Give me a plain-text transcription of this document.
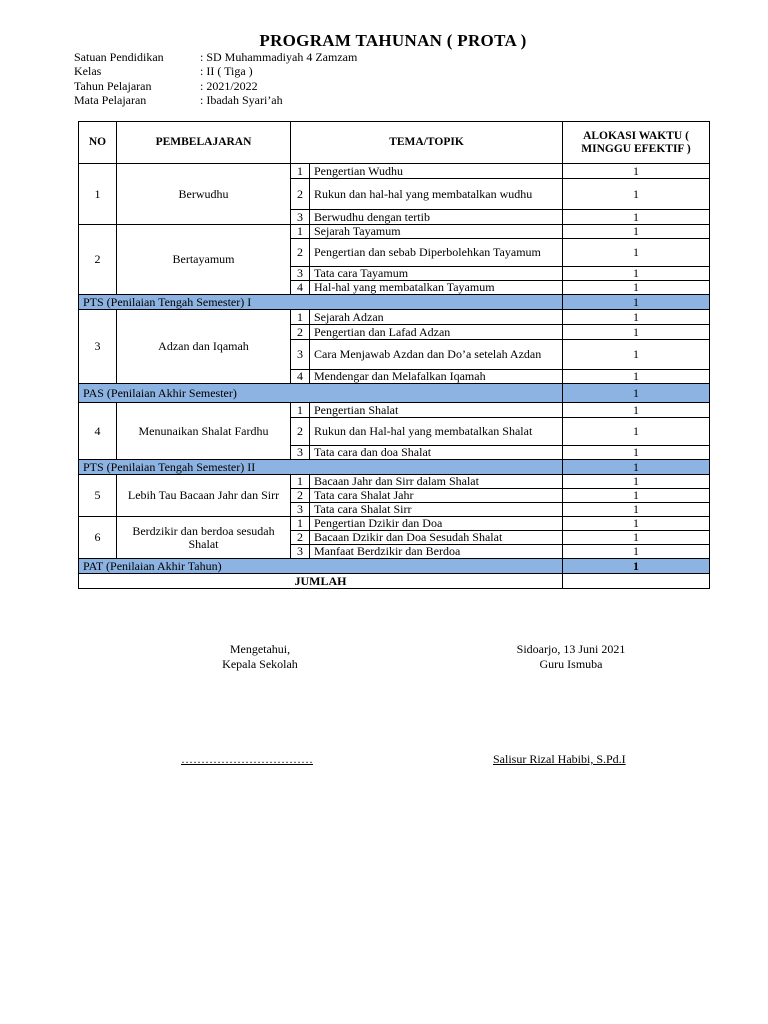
PROGRAM TAHUNAN ( PROTA )
Satuan Pendidikan	: SD Muhammadiyah 4 Zamzam
Kelas	: II ( Tiga )
Tahun Pelajaran	: 2021/2022
Mata Pelajaran	: Ibadah Syari’ah
NO	PEMBELAJARAN	TEMA/TOPIK		ALOKASI WAKTU ( MINGGU EFEKTIF )
1	Berwudhu	1	Pengertian Wudhu	1
		2	Rukun dan hal-hal yang membatalkan wudhu	1
		3	Berwudhu dengan tertib	1
2	Bertayamum	1	Sejarah Tayamum	1
		2	Pengertian dan sebab Diperbolehkan Tayamum	1
		3	Tata cara Tayamum	1
		4	Hal-hal yang membatalkan Tayamum	1
PTS (Penilaian Tengah Semester) I				1
3	Adzan dan Iqamah	1	Sejarah Adzan	1
		2	Pengertian dan Lafad Adzan	1
		3	Cara Menjawab Azdan dan Do’a setelah Azdan	1
		4	Mendengar dan Melafalkan Iqamah	1
PAS (Penilaian Akhir Semester)				1
4	Menunaikan Shalat Fardhu	1	Pengertian Shalat	1
		2	Rukun dan Hal-hal yang membatalkan Shalat	1
		3	Tata cara dan doa Shalat	1
PTS (Penilaian Tengah Semester) II				1
5	Lebih Tau Bacaan Jahr dan Sirr	1	Bacaan Jahr dan Sirr dalam Shalat	1
		2	Tata cara Shalat Jahr	1
		3	Tata cara Shalat Sirr	1
6	Berdzikir dan berdoa sesudah Shalat	1	Pengertian Dzikir dan Doa	1
		2	Bacaan Dzikir dan Doa Sesudah Shalat	1
		3	Manfaat Berdzikir dan Berdoa	1
PAT (Penilaian Akhir Tahun)				1
JUMLAH				
Mengetahui,
Kepala Sekolah
Sidoarjo, 13 Juni 2021
Guru Ismuba
……………………………	Salisur Rizal Habibi, S.Pd.I
